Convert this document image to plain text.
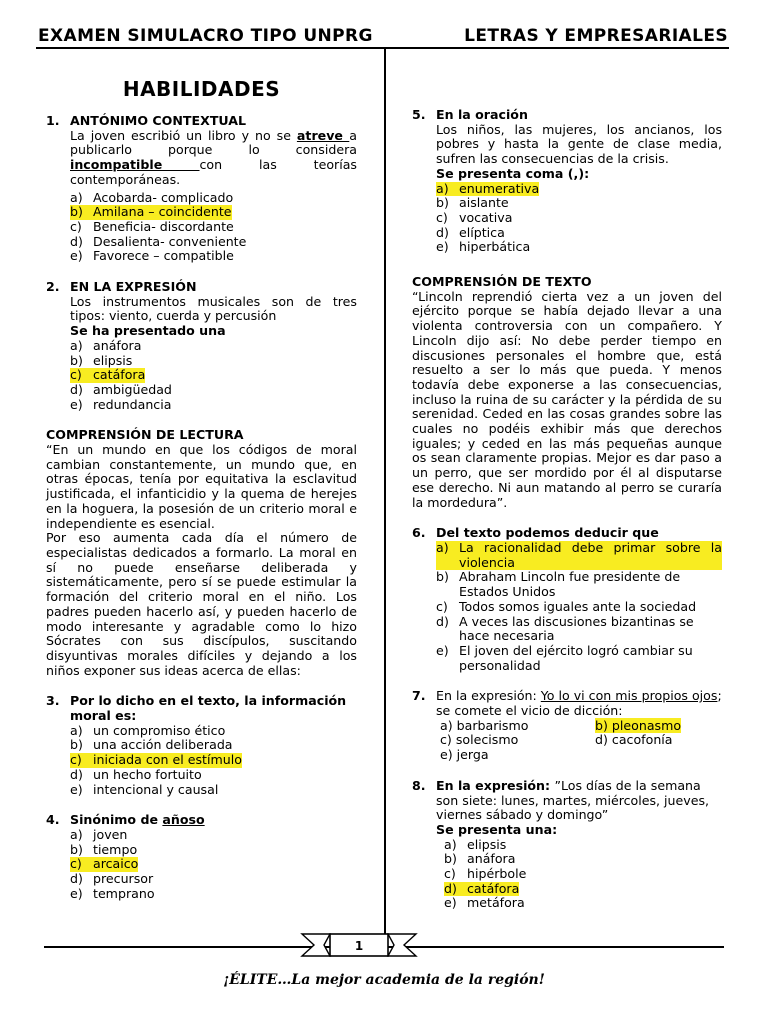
EXAMEN SIMULACRO TIPO UNPRG	LETRAS Y EMPRESARIALES
HABILIDADES
1. ANTÓNIMO CONTEXTUAL
La joven escribió un libro y no se atreve a publicarlo porque lo considera incompatible con las teorías contemporáneas.
a) Acobarda- complicado
b) Amilana – coincidente
c) Beneficia- discordante
d) Desalienta- conveniente
e) Favorece – compatible
2. EN LA EXPRESIÓN
Los instrumentos musicales son de tres tipos: viento, cuerda y percusión
Se ha presentado una
a) anáfora
b) elipsis
c) catáfora
d) ambigüedad
e) redundancia
COMPRENSIÓN DE LECTURA
“En un mundo en que los códigos de moral cambian constantemente, un mundo que, en otras épocas, tenía por equitativa la esclavitud justificada, el infanticidio y la quema de herejes en la hoguera, la posesión de un criterio moral e independiente es esencial.
Por eso aumenta cada día el número de especialistas dedicados a formarlo. La moral en sí no puede enseñarse deliberada y sistemáticamente, pero sí se puede estimular la formación del criterio moral en el niño. Los padres pueden hacerlo así, y pueden hacerlo de modo interesante y agradable como lo hizo Sócrates con sus discípulos, suscitando disyuntivas morales difíciles y dejando a los niños exponer sus ideas acerca de ellas:
3. Por lo dicho en el texto, la información moral es:
a) un compromiso ético
b) una acción deliberada
c) iniciada con el estímulo
d) un hecho fortuito
e) intencional y causal
4. Sinónimo de añoso
a) joven
b) tiempo
c) arcaico
d) precursor
e) temprano
5. En la oración
Los niños, las mujeres, los ancianos, los pobres y hasta la gente de clase media, sufren las consecuencias de la crisis.
Se presenta coma (,):
a) enumerativa
b) aislante
c) vocativa
d) elíptica
e) hiperbática
COMPRENSIÓN DE TEXTO
“Lincoln reprendió cierta vez a un joven del ejército porque se había dejado llevar a una violenta controversia con un compañero. Y Lincoln dijo así: No debe perder tiempo en discusiones personales el hombre que, está resuelto a ser lo más que pueda. Y menos todavía debe exponerse a las consecuencias, incluso la ruina de su carácter y la pérdida de su serenidad. Ceded en las cosas grandes sobre las cuales no podéis exhibir más que derechos iguales; y ceded en las más pequeñas aunque os sean claramente propias. Mejor es dar paso a un perro, que ser mordido por él al disputarse ese derecho. Ni aun matando al perro se curaría la mordedura”.
6. Del texto podemos deducir que
a) La racionalidad debe primar sobre la violencia
b) Abraham Lincoln fue presidente de Estados Unidos
c) Todos somos iguales ante la sociedad
d) A veces las discusiones bizantinas se hace necesaria
e) El joven del ejército logró cambiar su personalidad
7. En la expresión: Yo lo vi con mis propios ojos; se comete el vicio de dicción:
a) barbarismo	b) pleonasmo
c) solecismo	d) cacofonía
e) jerga
8. En la expresión: ”Los días de la semana son siete: lunes, martes, miércoles, jueves, viernes sábado y domingo”
Se presenta una:
a) elipsis
b) anáfora
c) hipérbole
d) catáfora
e) metáfora
1
¡ÉLITE…La mejor academia de la región!
